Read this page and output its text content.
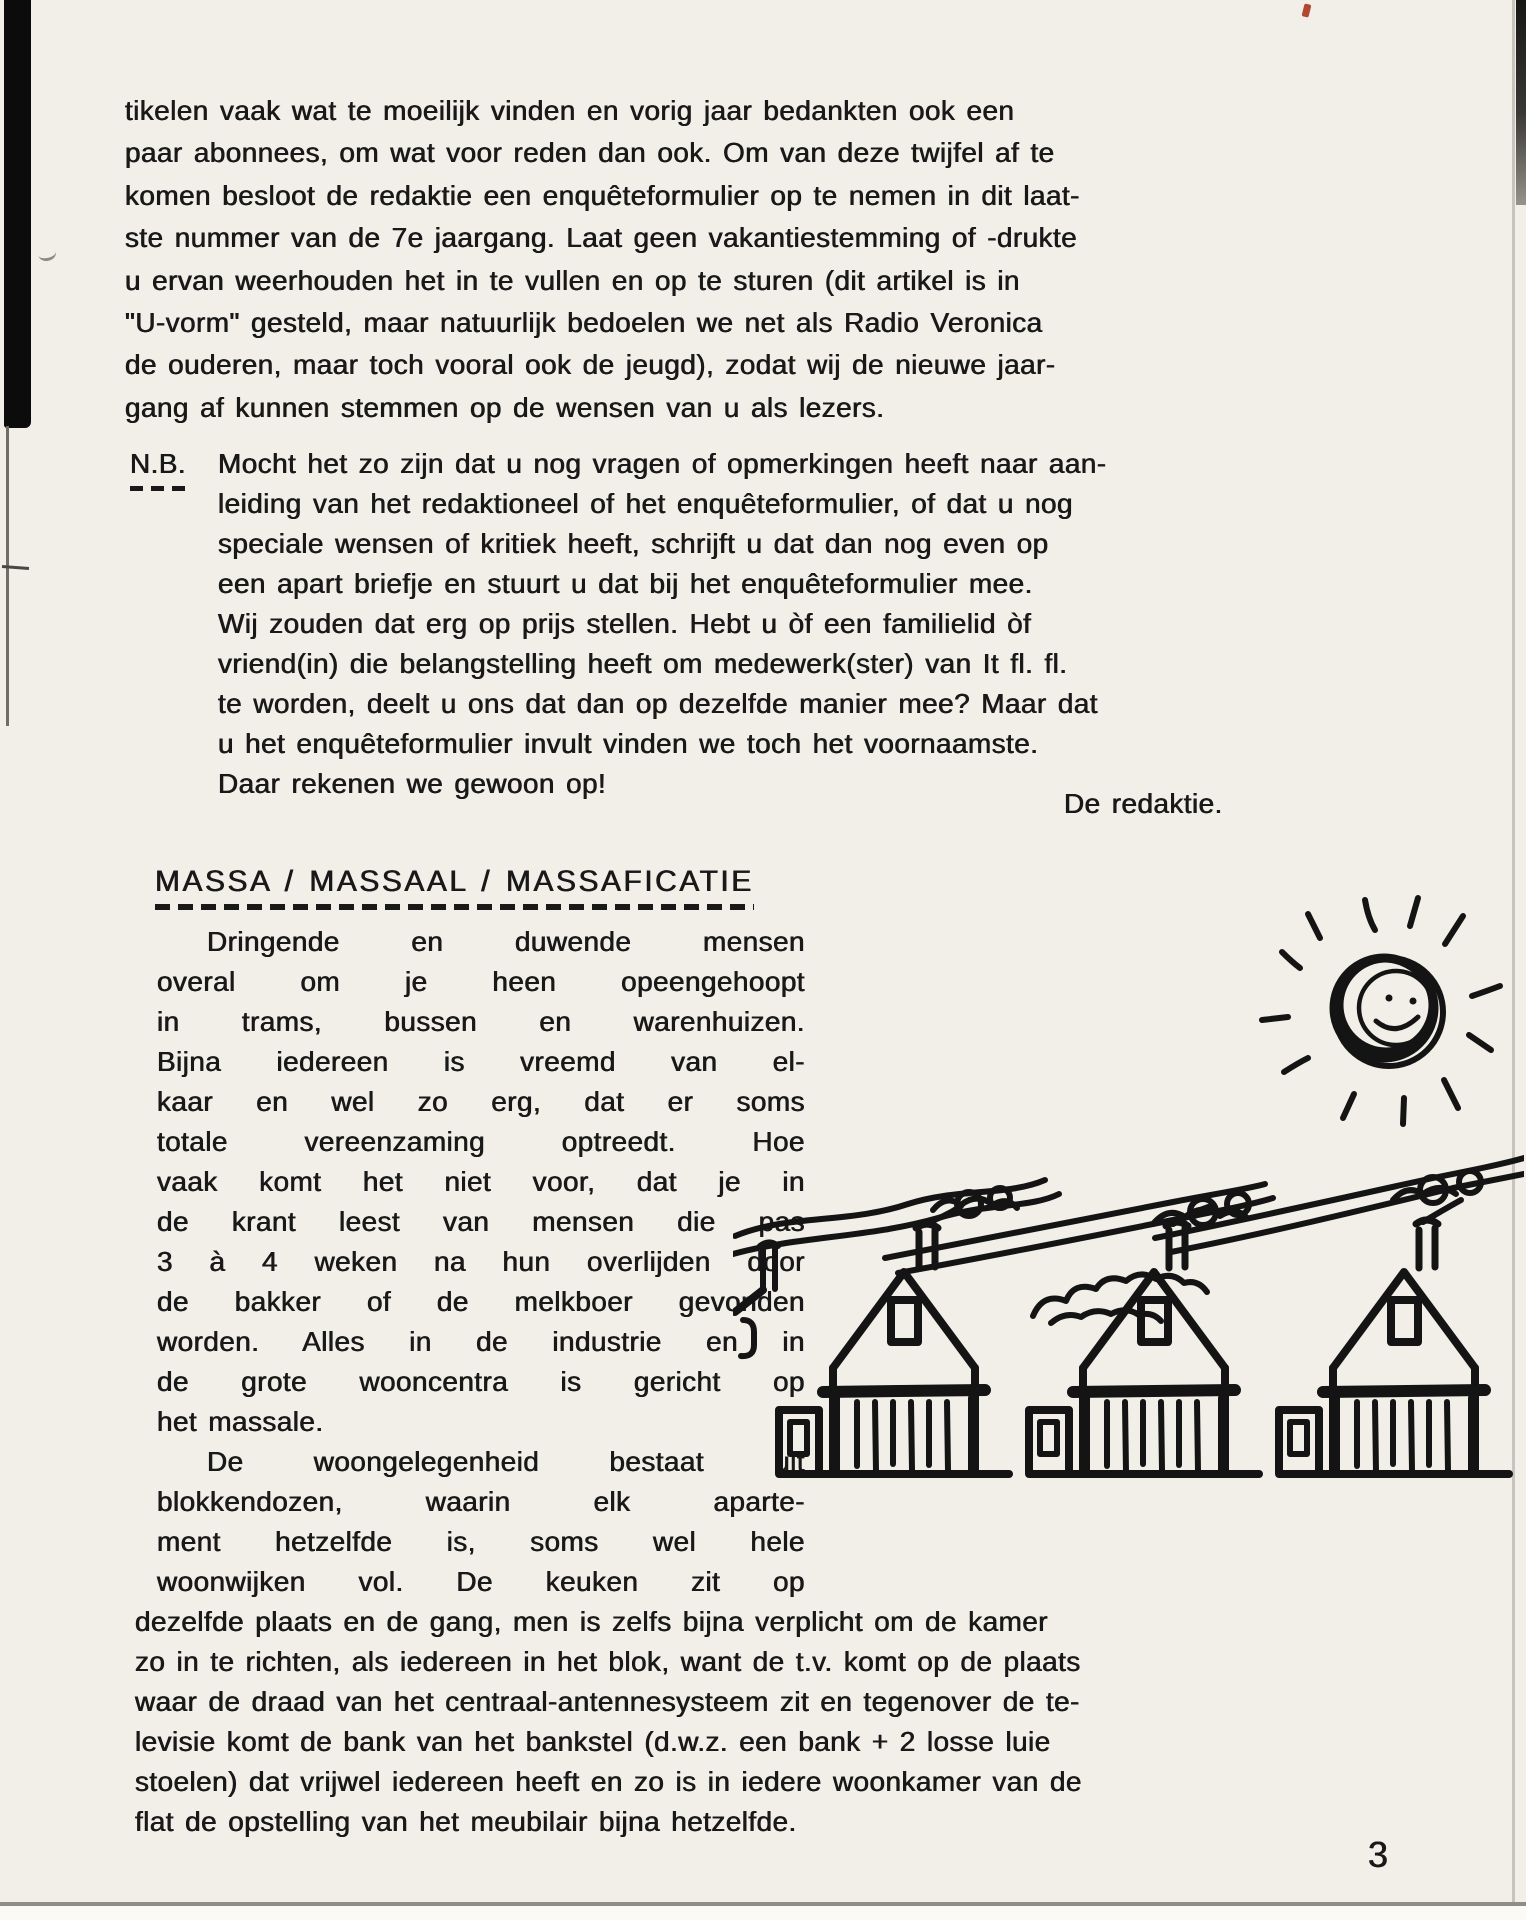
tikelen vaak wat te moeilijk vinden en vorig jaar bedankten ook een
paar abonnees, om wat voor reden dan ook. Om van deze twijfel af te
komen besloot de redaktie een enquêteformulier op te nemen in dit laat-
ste nummer van de 7e jaargang. Laat geen vakantiestemming of -drukte
u ervan weerhouden het in te vullen en op te sturen (dit artikel is in
"U-vorm" gesteld, maar natuurlijk bedoelen we net als Radio Veronica
de ouderen, maar toch vooral ook de jeugd), zodat wij de nieuwe jaar-
gang af kunnen stemmen op de wensen van u als lezers.
N.B. Mocht het zo zijn dat u nog vragen of opmerkingen heeft naar aan-
leiding van het redaktioneel of het enquêteformulier, of dat u nog
speciale wensen of kritiek heeft, schrijft u dat dan nog even op
een apart briefje en stuurt u dat bij het enquêteformulier mee.
Wij zouden dat erg op prijs stellen. Hebt u òf een familielid òf
vriend(in) die belangstelling heeft om medewerk(ster) van It fl. fl.
te worden, deelt u ons dat dan op dezelfde manier mee? Maar dat
u het enquêteformulier invult vinden we toch het voornaamste.
Daar rekenen we gewoon op!
De redaktie.
MASSA / MASSAAL / MASSAFICATIE
Dringende en duwende mensen
overal om je heen opeengehoopt
in trams, bussen en warenhuizen.
Bijna iedereen is vreemd van el-
kaar en wel zo erg, dat er soms
totale vereenzaming optreedt. Hoe
vaak komt het niet voor, dat je in
de krant leest van mensen die pas
3 à 4 weken na hun overlijden door
de bakker of de melkboer gevonden
worden. Alles in de industrie en in
de grote wooncentra is gericht op
het massale.
De woongelegenheid bestaat uit
blokkendozen, waarin elk aparte-
ment hetzelfde is, soms wel hele
woonwijken vol. De keuken zit op
dezelfde plaats en de gang, men is zelfs bijna verplicht om de kamer
zo in te richten, als iedereen in het blok, want de t.v. komt op de plaats
waar de draad van het centraal-antennesysteem zit en tegenover de te-
levisie komt de bank van het bankstel (d.w.z. een bank + 2 losse luie
stoelen) dat vrijwel iedereen heeft en zo is in iedere woonkamer van de
flat de opstelling van het meubilair bijna hetzelfde.
3
